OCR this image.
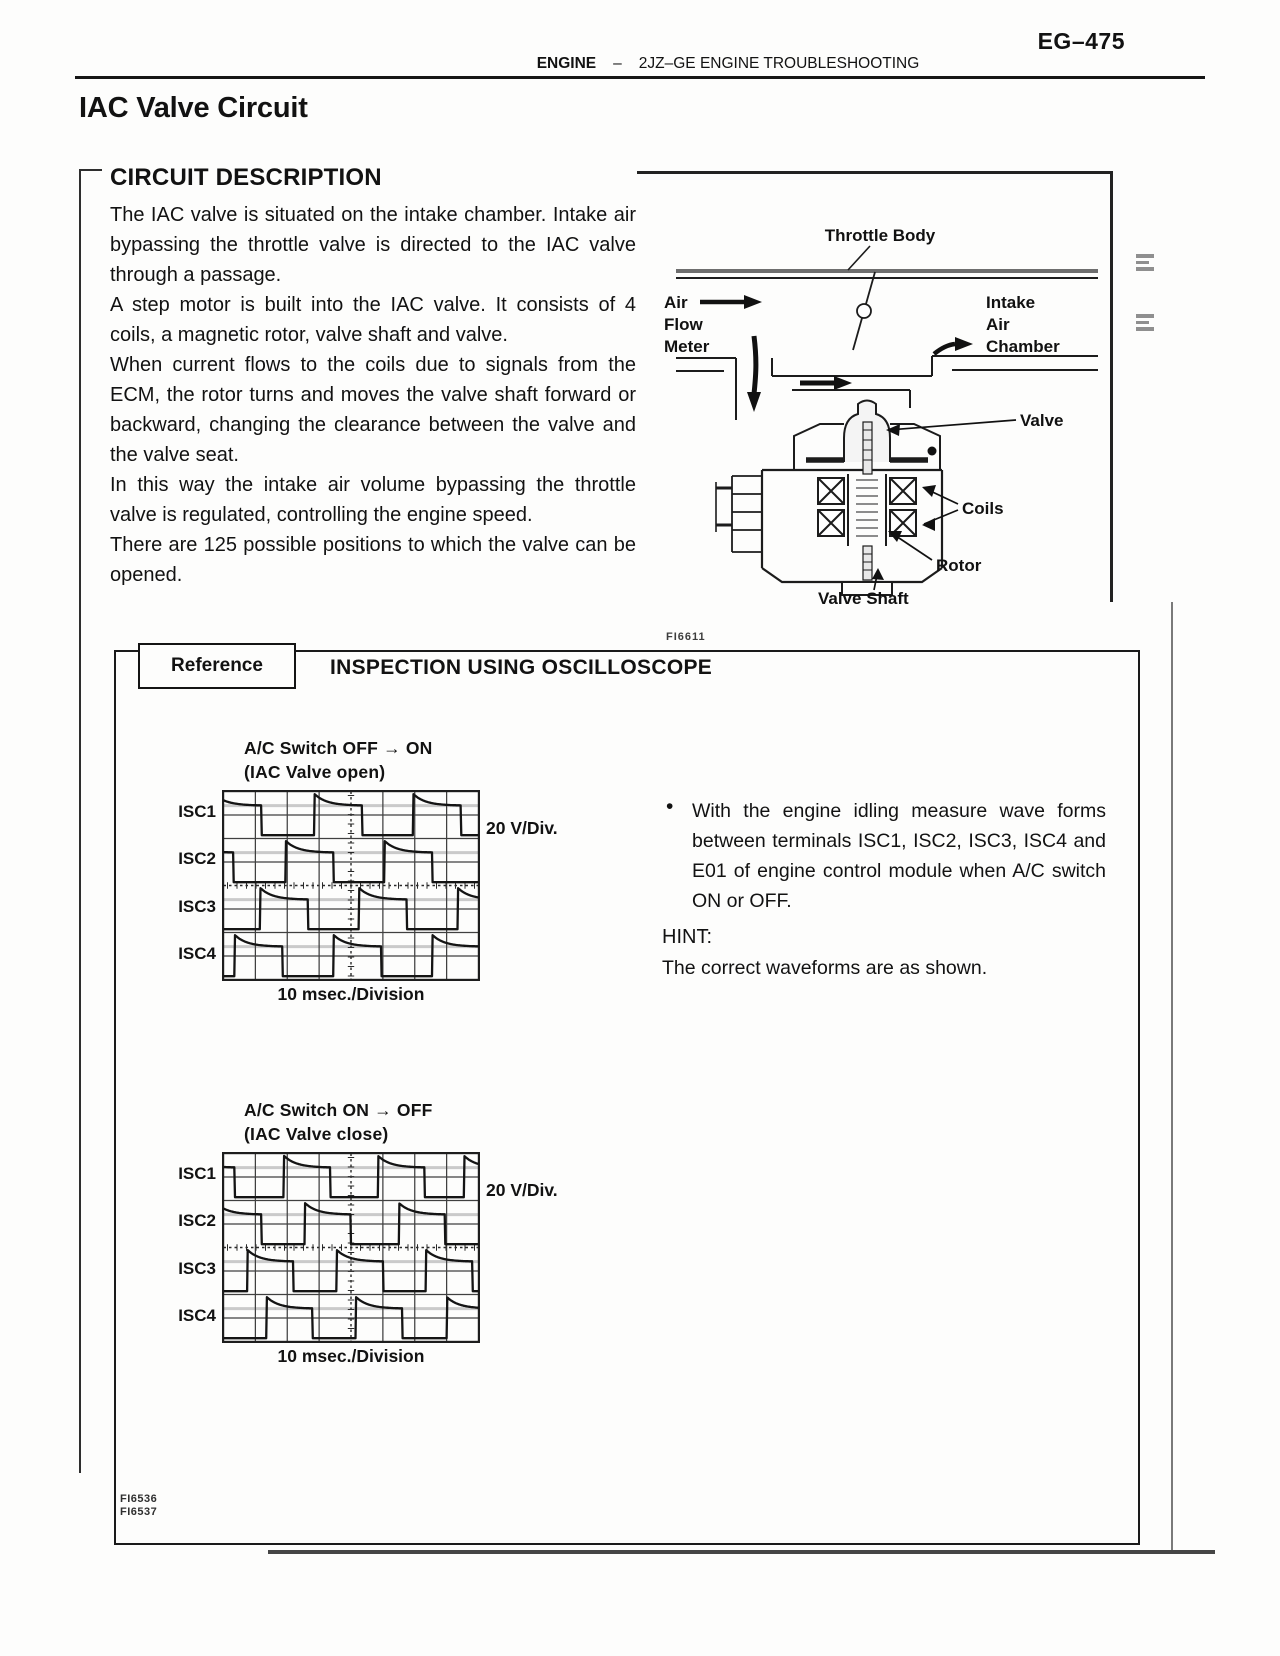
EG–475
ENGINE – 2JZ–GE ENGINE TROUBLESHOOTING
IAC Valve Circuit
CIRCUIT DESCRIPTION

The IAC valve is situated on the intake chamber. Intake air bypassing the throttle valve is directed to the IAC valve through a passage.

A step motor is built into the IAC valve. It consists of 4 coils, a magnetic rotor, valve shaft and valve.

When current flows to the coils due to signals from the ECM, the rotor turns and moves the valve shaft forward or backward, changing the clearance between the valve and the valve seat.

In this way the intake air volume bypassing the throttle valve is regulated, controlling the engine speed.

There are 125 possible positions to which the valve can be opened.

Throttle Body
Air
Flow
Meter
Intake
Air
Chamber
Valve
Coils
Rotor
Valve Shaft
FI6611
Reference	INSPECTION USING OSCILLOSCOPE
A/C Switch OFF → ON
(IAC Valve open)
ISC1
ISC2
ISC3
ISC4
20 V/Div.
10 msec./Division
• With the engine idling measure wave forms between terminals ISC1, ISC2, ISC3, ISC4 and E01 of engine control module when A/C switch ON or OFF.
HINT:
The correct waveforms are as shown.
A/C Switch ON → OFF
(IAC Valve close)
ISC1
ISC2
ISC3
ISC4
20 V/Div.
10 msec./Division
FI6536
FI6537
